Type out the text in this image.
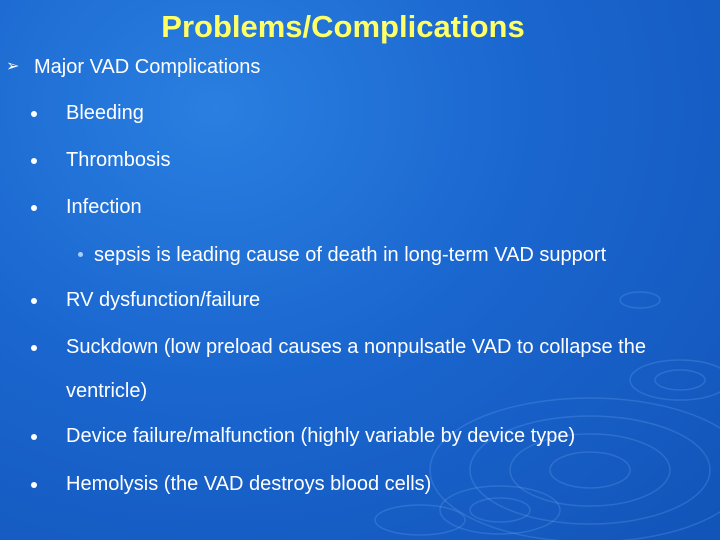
Problems/Complications
➢ Major VAD Complications
Bleeding
Thrombosis
Infection
sepsis is leading cause of death in long-term VAD support
RV dysfunction/failure
Suckdown (low preload causes a nonpulsatle VAD to collapse the ventricle)
Device failure/malfunction (highly variable by device type)
Hemolysis (the VAD destroys blood cells)
